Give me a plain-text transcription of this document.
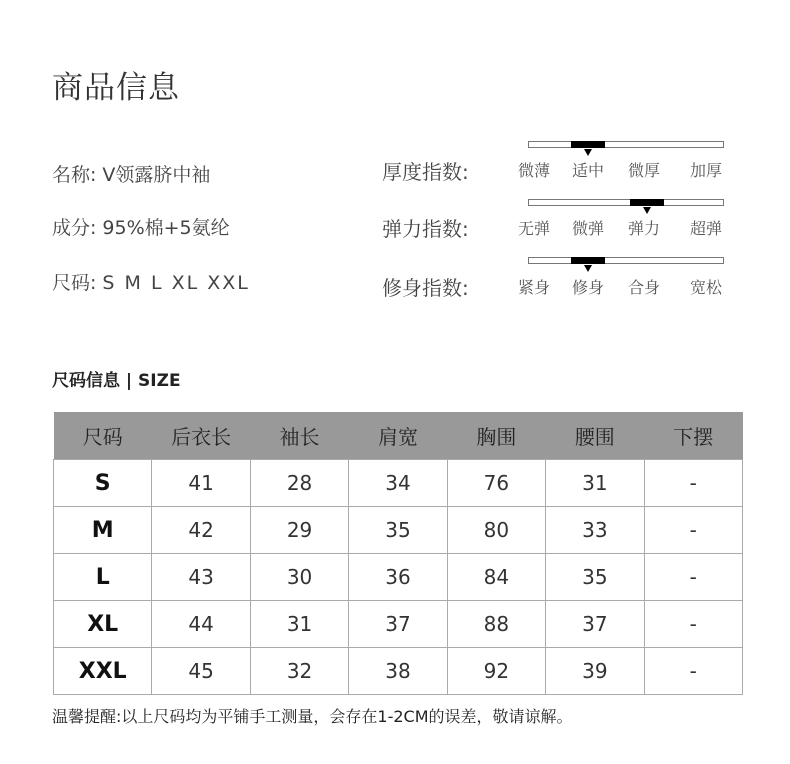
商品信息
名称: V领露脐中袖
成分: 95%棉+5氨纶
尺码: S M L XL XXL
厚度指数:	微薄 适中 微厚 加厚
弹力指数:	无弹 微弹 弹力 超弹
修身指数:	紧身 修身 合身 宽松
尺码信息 | SIZE
尺码	后衣长	袖长	肩宽	胸围	腰围	下摆
S	41	28	34	76	31	-
M	42	29	35	80	33	-
L	43	30	36	84	35	-
XL	44	31	37	88	37	-
XXL	45	32	38	92	39	-
温馨提醒:以上尺码均为平铺手工测量，会存在1-2CM的误差，敬请谅解。
